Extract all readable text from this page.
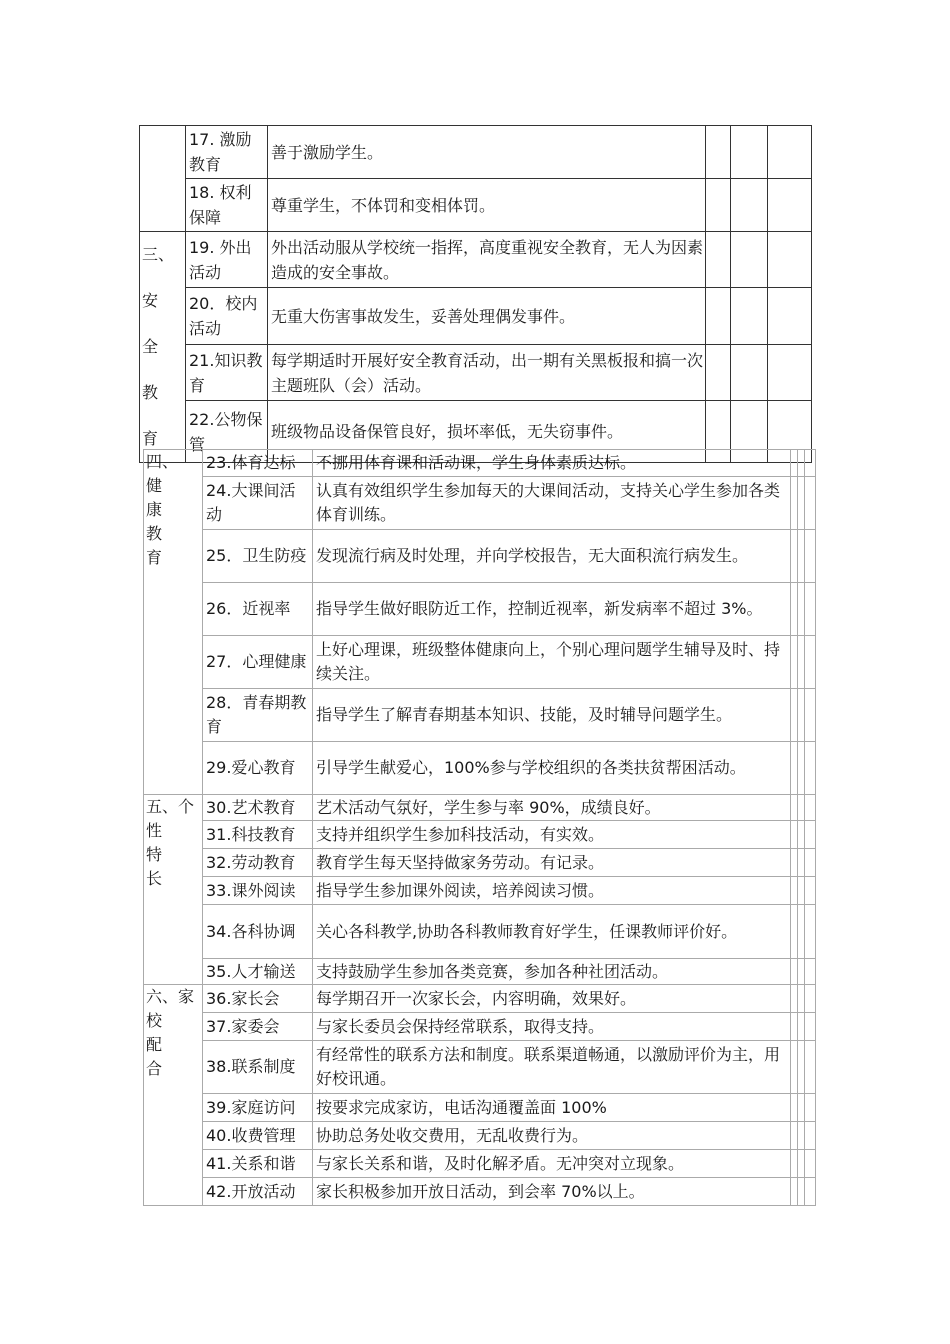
	17. 激励教育	善于激励学生。			
	18. 权利保障	尊重学生，不体罚和变相体罚。			

三、
安
全
教
育	19. 外出活动	外出活动服从学校统一指挥，高度重视安全教育，无人为因素造成的安全事故。			
	20．校内活动	无重大伤害事故发生，妥善处理偶发事件。			
	21.知识教育	每学期适时开展好安全教育活动，出一期有关黑板报和搞一次主题班队（会）活动。			
	22.公物保管	班级物品设备保管良好，损坏率低，无失窃事件。			
四、
健
康
教
育	23.体育达标	不挪用体育课和活动课，学生身体素质达标。			
	24.大课间活动	认真有效组织学生参加每天的大课间活动，支持关心学生参加各类体育训练。			
	25．卫生防疫	发现流行病及时处理，并向学校报告，无大面积流行病发生。			
	26．近视率	指导学生做好眼防近工作，控制近视率，新发病率不超过 3%。			
	27．心理健康	上好心理课，班级整体健康向上，个别心理问题学生辅导及时、持续关注。			
	28．青春期教育	指导学生了解青春期基本知识、技能，及时辅导问题学生。			
	29.爱心教育	引导学生献爱心，100%参与学校组织的各类扶贫帮困活动。			

五、个
性
特
长	30.艺术教育	艺术活动气氛好，学生参与率 90%，成绩良好。			
	31.科技教育	支持并组织学生参加科技活动，有实效。			
	32.劳动教育	教育学生每天坚持做家务劳动。有记录。			
	33.课外阅读	指导学生参加课外阅读，培养阅读习惯。			
	34.各科协调	关心各科教学,协助各科教师教育好学生，任课教师评价好。			
	35.人才输送	支持鼓励学生参加各类竞赛，参加各种社团活动。			

六、家
校
配
合	36.家长会	每学期召开一次家长会，内容明确，效果好。			
	37.家委会	与家长委员会保持经常联系，取得支持。			
	38.联系制度	有经常性的联系方法和制度。联系渠道畅通，以激励评价为主，用好校讯通。			
	39.家庭访问	按要求完成家访，电话沟通覆盖面 100%			
	40.收费管理	协助总务处收交费用，无乱收费行为。			
	41.关系和谐	与家长关系和谐，及时化解矛盾。无冲突对立现象。			
	42.开放活动	家长积极参加开放日活动，到会率 70%以上。			
